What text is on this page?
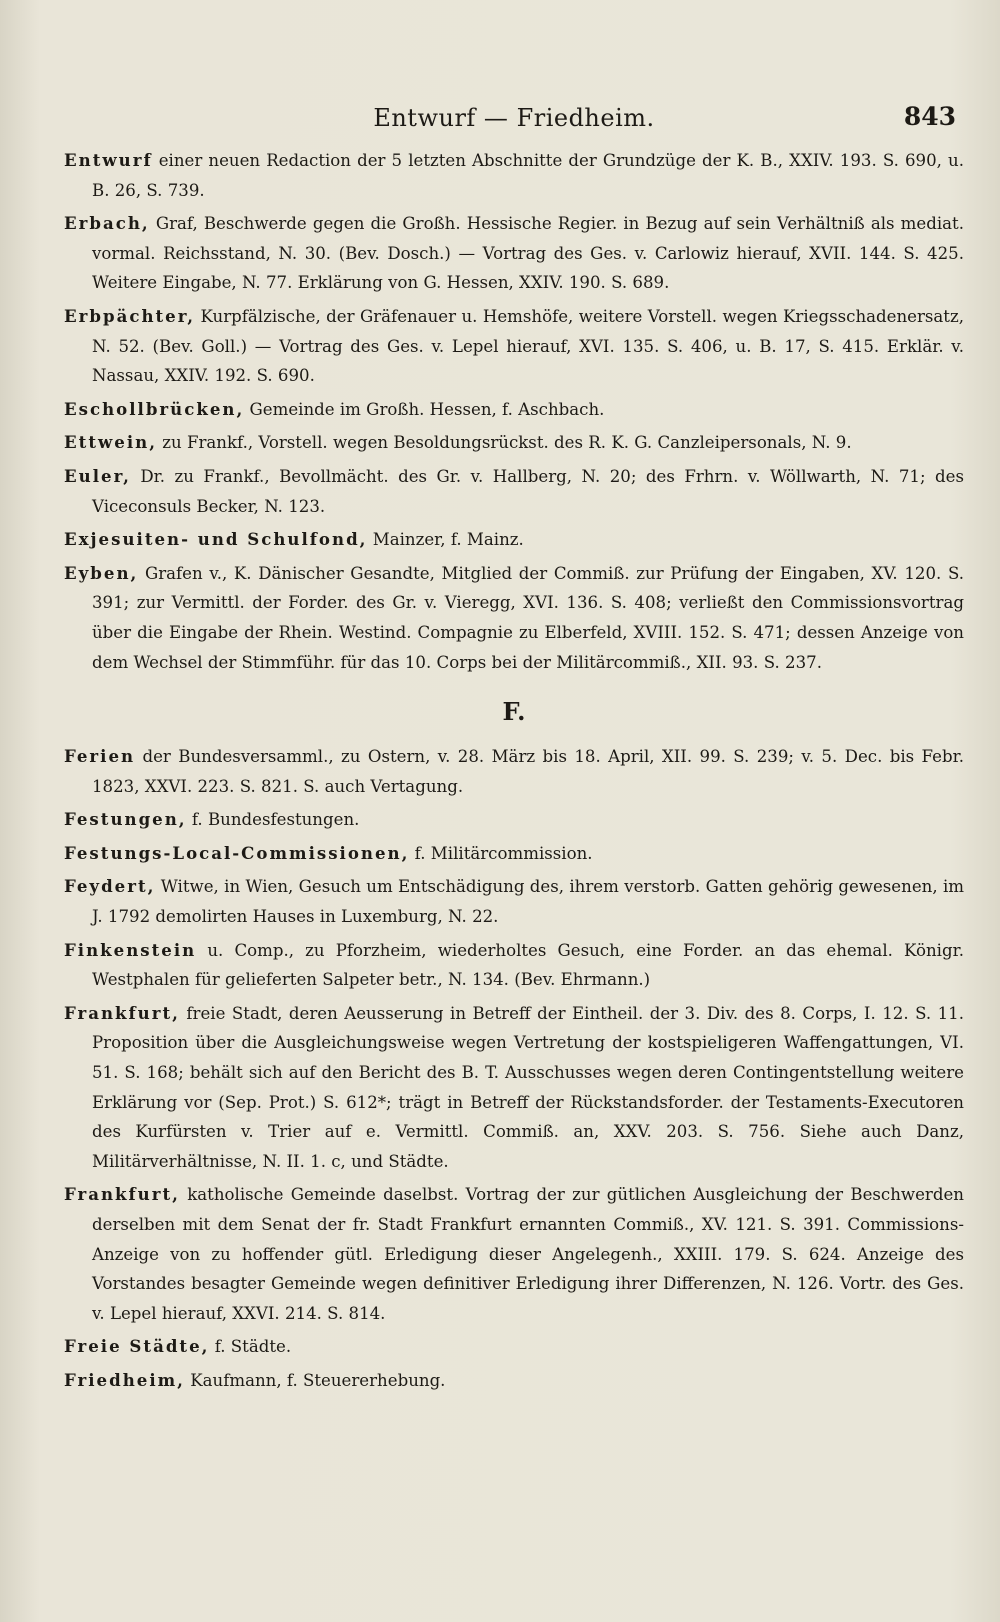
Entwurf — Friedheim.	843

Entwurf einer neuen Redaction der 5 letzten Abschnitte der Grundzüge der K. B., XXIV. 193. S. 690, u. B. 26, S. 739.

Erbach, Graf, Beschwerde gegen die Großh. Hessische Regier. in Bezug auf sein Verhältniß als mediat. vormal. Reichsstand, N. 30. (Bev. Dosch.) — Vortrag des Ges. v. Carlowiz hierauf, XVII. 144. S. 425. Weitere Eingabe, N. 77. Erklärung von G. Hessen, XXIV. 190. S. 689.

Erbpächter, Kurpfälzische, der Gräfenauer u. Hemshöfe, weitere Vorstell. wegen Kriegsschadenersatz, N. 52. (Bev. Goll.) — Vortrag des Ges. v. Lepel hierauf, XVI. 135. S. 406, u. B. 17, S. 415. Erklär. v. Nassau, XXIV. 192. S. 690.

Eschollbrücken, Gemeinde im Großh. Hessen, f. Aschbach.

Ettwein, zu Frankf., Vorstell. wegen Besoldungsrückst. des R. K. G. Canzleipersonals, N. 9.

Euler, Dr. zu Frankf., Bevollmächt. des Gr. v. Hallberg, N. 20; des Frhrn. v. Wöllwarth, N. 71; des Viceconsuls Becker, N. 123.

Exjesuiten- und Schulfond, Mainzer, f. Mainz.

Eyben, Grafen v., K. Dänischer Gesandte, Mitglied der Commiß. zur Prüfung der Eingaben, XV. 120. S. 391; zur Vermittl. der Forder. des Gr. v. Vieregg, XVI. 136. S. 408; verließt den Commissionsvortrag über die Eingabe der Rhein. Westind. Compagnie zu Elberfeld, XVIII. 152. S. 471; dessen Anzeige von dem Wechsel der Stimmführ. für das 10. Corps bei der Militärcommiß., XII. 93. S. 237.

F.

Ferien der Bundesversamml., zu Ostern, v. 28. März bis 18. April, XII. 99. S. 239; v. 5. Dec. bis Febr. 1823, XXVI. 223. S. 821. S. auch Vertagung.

Festungen, f. Bundesfestungen.

Festungs-Local-Commissionen, f. Militärcommission.

Feydert, Witwe, in Wien, Gesuch um Entschädigung des, ihrem verstorb. Gatten gehörig gewesenen, im J. 1792 demolirten Hauses in Luxemburg, N. 22.

Finkenstein u. Comp., zu Pforzheim, wiederholtes Gesuch, eine Forder. an das ehemal. Königr. Westphalen für gelieferten Salpeter betr., N. 134. (Bev. Ehrmann.)

Frankfurt, freie Stadt, deren Aeusserung in Betreff der Eintheil. der 3. Div. des 8. Corps, I. 12. S. 11. Proposition über die Ausgleichungsweise wegen Vertretung der kostspieligeren Waffengattungen, VI. 51. S. 168; behält sich auf den Bericht des B. T. Ausschusses wegen deren Contingentstellung weitere Erklärung vor (Sep. Prot.) S. 612*; trägt in Betreff der Rückstandsforder. der Testaments-Executoren des Kurfürsten v. Trier auf e. Vermittl. Commiß. an, XXV. 203. S. 756. Siehe auch Danz, Militärverhältnisse, N. II. 1. c, und Städte.

Frankfurt, katholische Gemeinde daselbst. Vortrag der zur gütlichen Ausgleichung der Beschwerden derselben mit dem Senat der fr. Stadt Frankfurt ernannten Commiß., XV. 121. S. 391. Commissions-Anzeige von zu hoffender gütl. Erledigung dieser Angelegenh., XXIII. 179. S. 624. Anzeige des Vorstandes besagter Gemeinde wegen definitiver Erledigung ihrer Differenzen, N. 126. Vortr. des Ges. v. Lepel hierauf, XXVI. 214. S. 814.

Freie Städte, f. Städte.

Friedheim, Kaufmann, f. Steuererhebung.
